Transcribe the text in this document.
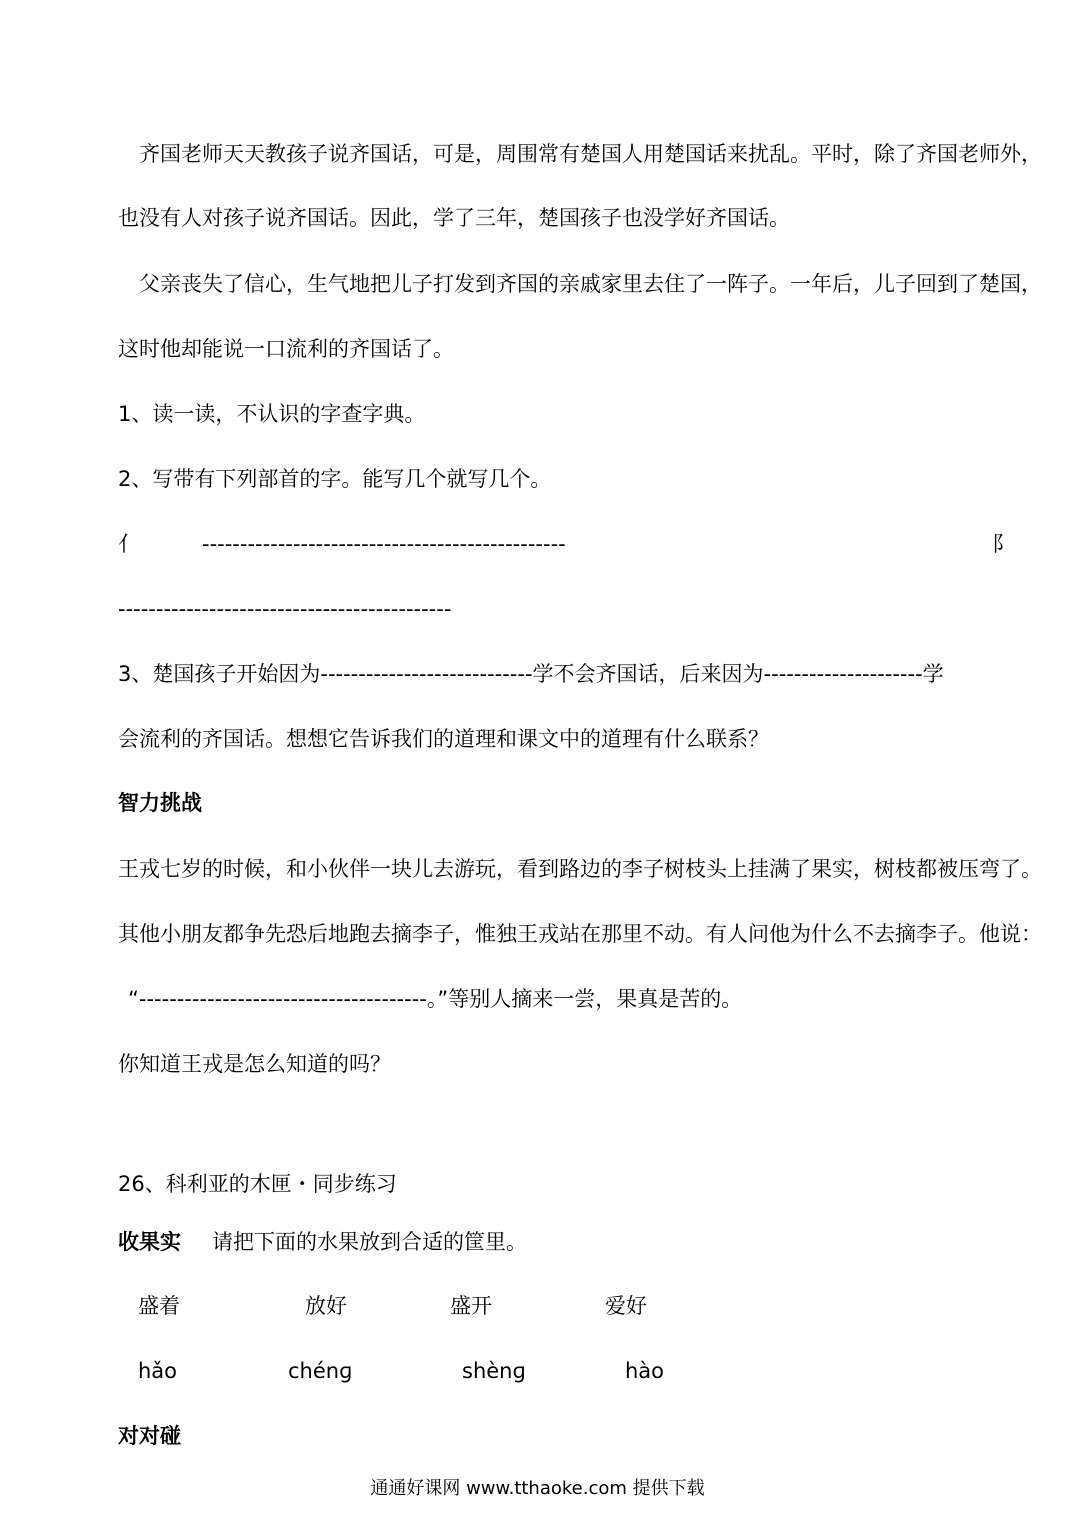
　齐国老师天天教孩子说齐国话，可是，周围常有楚国人用楚国话来扰乱。平时，除了齐国老师外，
也没有人对孩子说齐国话。因此，学了三年，楚国孩子也没学好齐国话。
　父亲丧失了信心，生气地把儿子打发到齐国的亲戚家里去住了一阵子。一年后，儿子回到了楚国，
这时他却能说一口流利的齐国话了。
1、读一读，不认识的字查字典。
2、写带有下列部首的字。能写几个就写几个。
亻	------------------------------------------------	阝
--------------------------------------------
3、楚国孩子开始因为----------------------------学不会齐国话，后来因为---------------------学
会流利的齐国话。想想它告诉我们的道理和课文中的道理有什么联系？
智力挑战
王戎七岁的时候，和小伙伴一块儿去游玩，看到路边的李子树枝头上挂满了果实，树枝都被压弯了。
其他小朋友都争先恐后地跑去摘李子，惟独王戎站在那里不动。有人问他为什么不去摘李子。他说：
“--------------------------------------。”等别人摘来一尝，果真是苦的。
你知道王戎是怎么知道的吗？
26、科利亚的木匣・同步练习
收果实 请把下面的水果放到合适的筐里。
盛着	放好	盛开	爱好
hǎo	chénɡ	shènɡ	hào
对对碰
通通好课网 www.tthaoke.com 提供下载
